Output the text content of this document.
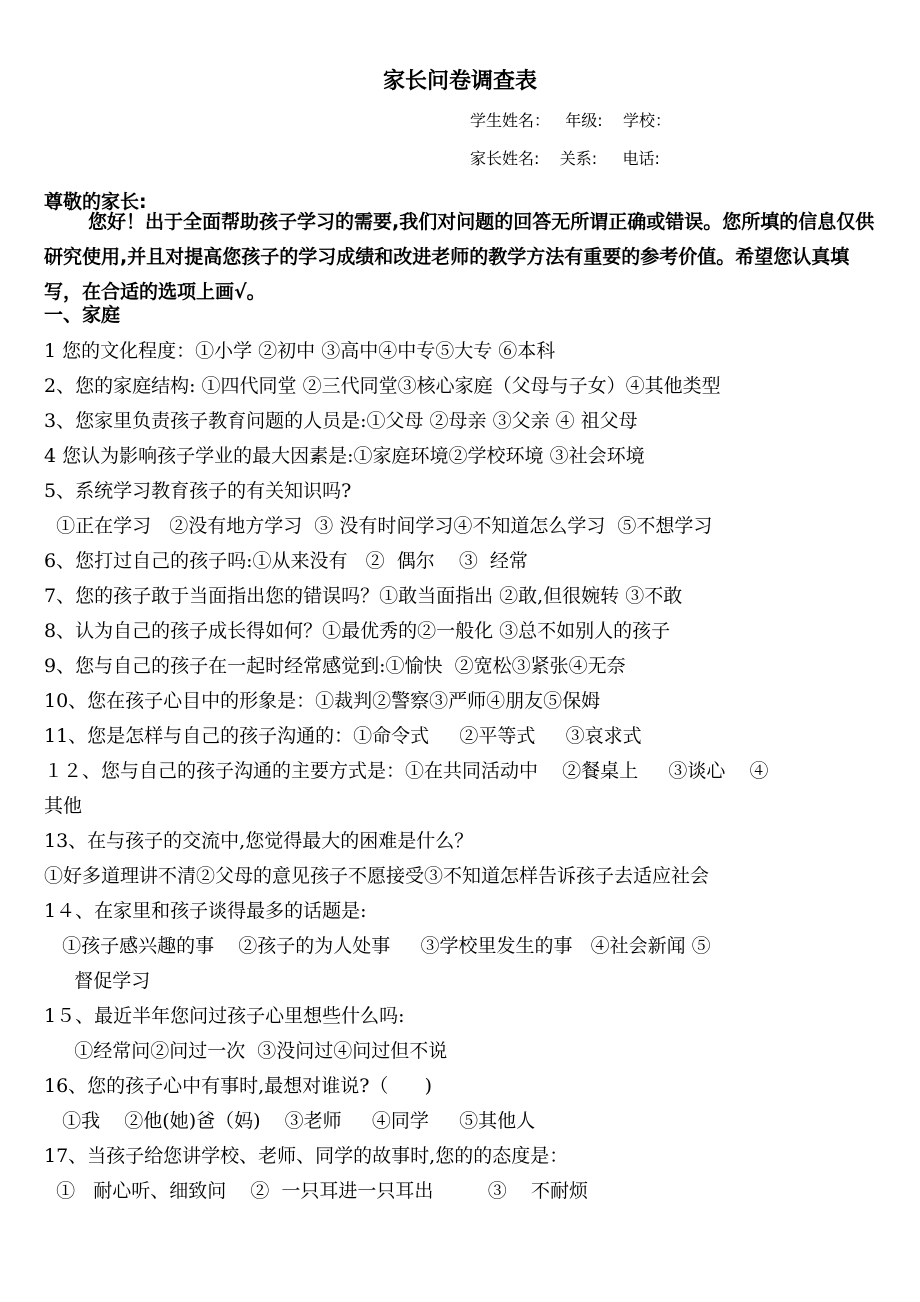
家长问卷调查表
学生姓名：   年级:    学校：
家长姓名:    关系:     电话:
尊敬的家长:
您好！出于全面帮助孩子学习的需要,我们对问题的回答无所谓正确或错误。您所填的信息仅供研究使用,并且对提高您孩子的学习成绩和改进老师的教学方法有重要的参考价值。希望您认真填写，在合适的选项上画√。
一、家庭
1 您的文化程度：①小学 ②初中 ③高中④中专⑤大专 ⑥本科
2、您的家庭结构: ①四代同堂 ②三代同堂③核心家庭（父母与子女）④其他类型
3、您家里负责孩子教育问题的人员是:①父母 ②母亲 ③父亲 ④ 祖父母
4 您认为影响孩子学业的最大因素是:①家庭环境②学校环境 ③社会环境
5、系统学习教育孩子的有关知识吗?
①正在学习   ②没有地方学习  ③ 没有时间学习④不知道怎么学习  ⑤不想学习
6、您打过自己的孩子吗:①从来没有   ②  偶尔    ③  经常
7、您的孩子敢于当面指出您的错误吗？①敢当面指出 ②敢,但很婉转 ③不敢
8、认为自己的孩子成长得如何？①最优秀的②一般化 ③总不如别人的孩子
9、您与自己的孩子在一起时经常感觉到:①愉快  ②宽松③紧张④无奈
10、您在孩子心目中的形象是：①裁判②警察③严师④朋友⑤保姆
11、您是怎样与自己的孩子沟通的：①命令式     ②平等式     ③哀求式
１２、您与自己的孩子沟通的主要方式是：①在共同活动中    ②餐桌上     ③谈心    ④
其他
13、在与孩子的交流中,您觉得最大的困难是什么？
①好多道理讲不清②父母的意见孩子不愿接受③不知道怎样告诉孩子去适应社会
1４、在家里和孩子谈得最多的话题是:
①孩子感兴趣的事    ②孩子的为人处事     ③学校里发生的事   ④社会新闻 ⑤
督促学习
1５、最近半年您问过孩子心里想些什么吗:
①经常问②问过一次  ③没问过④问过但不说
16、您的孩子心中有事时,最想对谁说?（      )
①我    ②他(她)爸（妈)    ③老师     ④同学     ⑤其他人
17、当孩子给您讲学校、老师、同学的故事时,您的的态度是：
①   耐心听、细致问    ②  一只耳进一只耳出         ③    不耐烦
